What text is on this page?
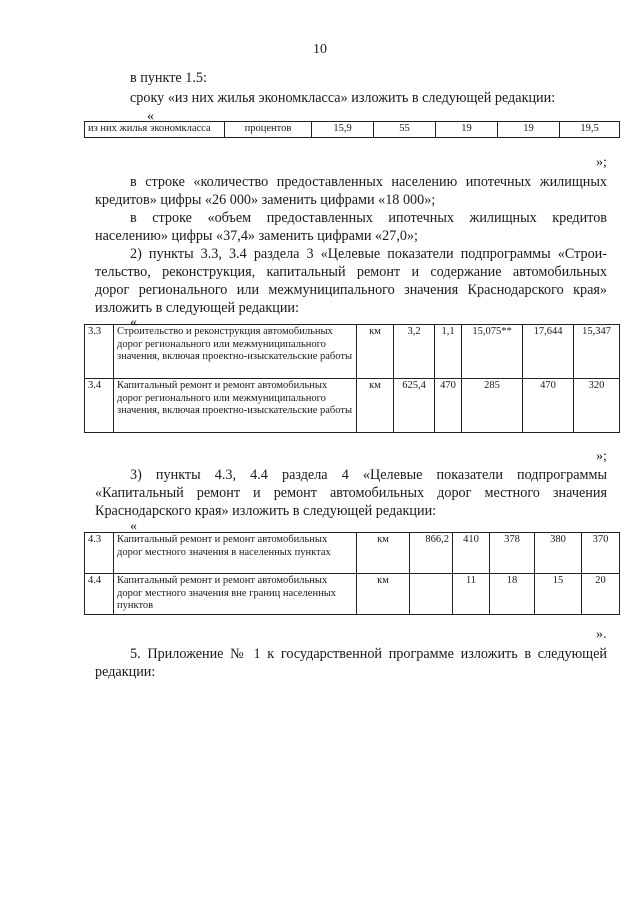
10
в пункте 1.5:
сроку «из них жилья экономкласса» изложить в следующей редакции:
«
из них жилья экономкласса	процентов	15,9	55	19	19	19,5
»;
в строке «количество предоставленных населению ипотечных жилищных
кредитов» цифры «26 000» заменить цифрами «18 000»;
в строке «объем предоставленных ипотечных жилищных кредитов
населению» цифры «37,4» заменить цифрами «27,0»;
2) пункты 3.3, 3.4 раздела 3 «Целевые показатели подпрограммы «Строи-
тельство, реконструкция, капитальный ремонт и содержание автомобильных
дорог регионального или межмуниципального значения Краснодарского края»
изложить в следующей редакции:
«
3.3	Строительство и реконструкция автомобильных дорог регионального или межмуниципального значения, включая проектно-изыскательские работы	км	3,2	1,1	15,075**	17,644	15,347
3.4	Капитальный ремонт и ремонт автомобильных дорог регионального или межмуниципального значения, включая проектно-изыскательские работы	км	625,4	470	285	470	320
»;
3) пункты 4.3, 4.4 раздела 4 «Целевые показатели подпрограммы
«Капитальный ремонт и ремонт автомобильных дорог местного значения
Краснодарского края» изложить в следующей редакции:
«
4.3	Капитальный ремонт и ремонт автомобильных дорог местного значения в населенных пунктах	км	866,2	410	378	380	370
4.4	Капитальный ремонт и ремонт автомобильных дорог местного значения вне границ населенных пунктов	км		11	18	15	20
».
5. Приложение № 1 к государственной программе изложить в следующей
редакции:
